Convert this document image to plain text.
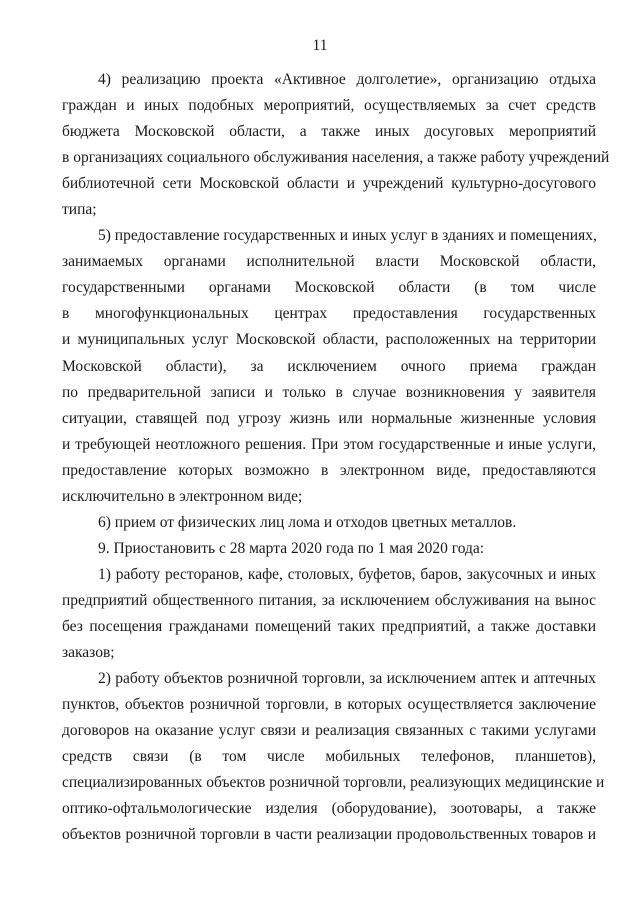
11

4) реализацию проекта «Активное долголетие», организацию отдыха
граждан и иных подобных мероприятий, осуществляемых за счет средств
бюджета Московской области, а также иных досуговых мероприятий
в организациях социального обслуживания населения, а также работу учреждений
библиотечной сети Московской области и учреждений культурно-досугового
типа;

5) предоставление государственных и иных услуг в зданиях и помещениях,
занимаемых органами исполнительной власти Московской области,
государственными органами Московской области (в том числе
в многофункциональных центрах предоставления государственных
и муниципальных услуг Московской области, расположенных на территории
Московской области), за исключением очного приема граждан
по предварительной записи и только в случае возникновения у заявителя
ситуации, ставящей под угрозу жизнь или нормальные жизненные условия
и требующей неотложного решения. При этом государственные и иные услуги,
предоставление которых возможно в электронном виде, предоставляются
исключительно в электронном виде;

6) прием от физических лиц лома и отходов цветных металлов.

9. Приостановить с 28 марта 2020 года по 1 мая 2020 года:

1) работу ресторанов, кафе, столовых, буфетов, баров, закусочных и иных
предприятий общественного питания, за исключением обслуживания на вынос
без посещения гражданами помещений таких предприятий, а также доставки
заказов;

2) работу объектов розничной торговли, за исключением аптек и аптечных
пунктов, объектов розничной торговли, в которых осуществляется заключение
договоров на оказание услуг связи и реализация связанных с такими услугами
средств связи (в том числе мобильных телефонов, планшетов),
специализированных объектов розничной торговли, реализующих медицинские и
оптико-офтальмологические изделия (оборудование), зоотовары, а также
объектов розничной торговли в части реализации продовольственных товаров и
